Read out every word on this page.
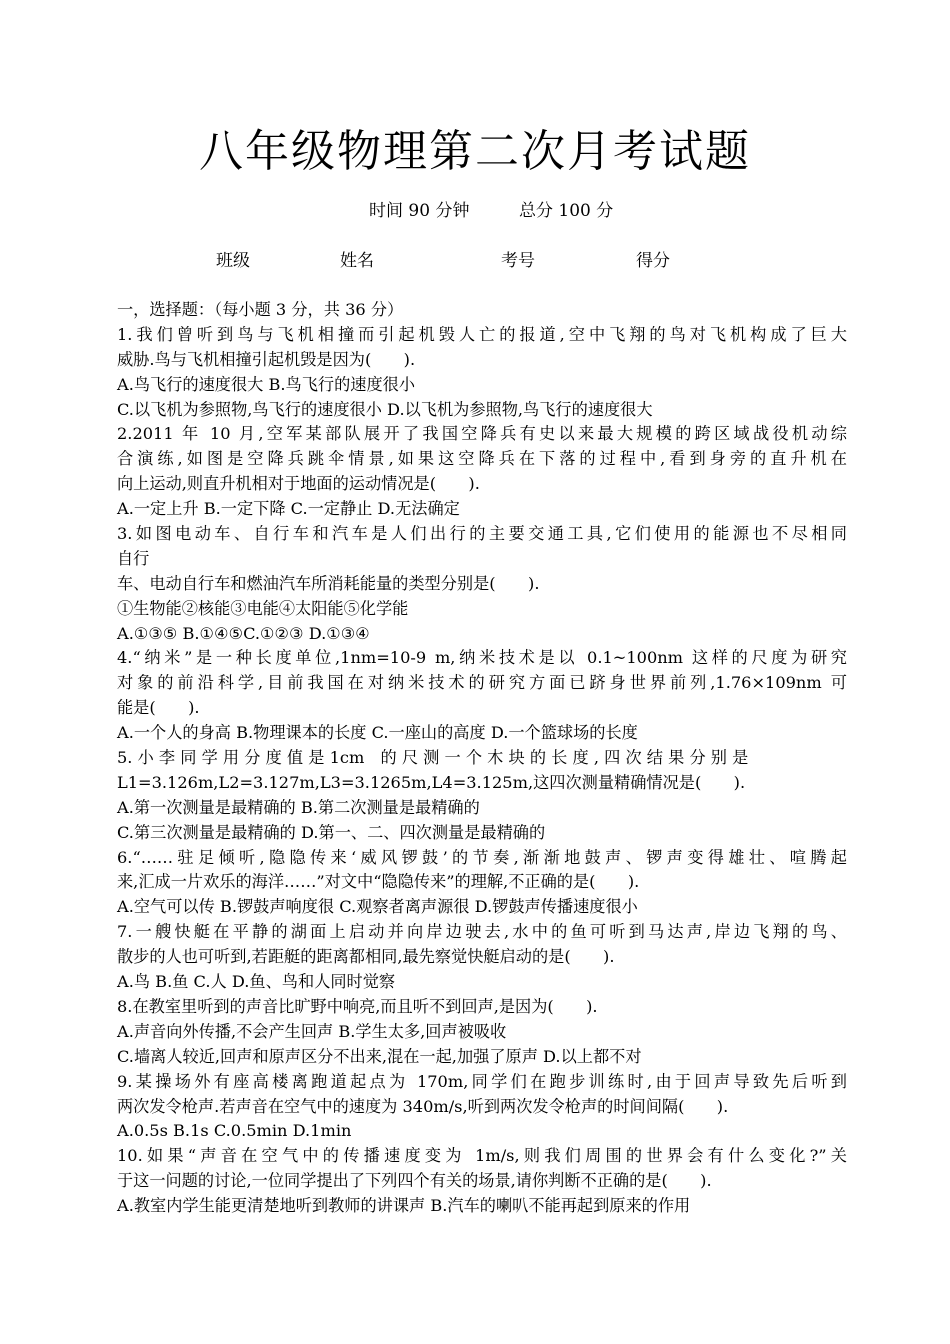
八年级物理第二次月考试题
时间 90 分钟	总分 100 分
班级	姓名	考号	得分
一，选择题：（每小题 3 分，共 36 分）
1.我们曾听到鸟与飞机相撞而引起机毁人亡的报道,空中飞翔的鸟对飞机构成了巨大
威胁.鸟与飞机相撞引起机毁是因为(　　).
A.鸟飞行的速度很大 B.鸟飞行的速度很小
C.以飞机为参照物,鸟飞行的速度很小 D.以飞机为参照物,鸟飞行的速度很大
2.2011 年 10 月,空军某部队展开了我国空降兵有史以来最大规模的跨区域战役机动综
合演练,如图是空降兵跳伞情景,如果这空降兵在下落的过程中,看到身旁的直升机在
向上运动,则直升机相对于地面的运动情况是(　　).
A.一定上升 B.一定下降 C.一定静止 D.无法确定
3.如图电动车、自行车和汽车是人们出行的主要交通工具,它们使用的能源也不尽相同
自行
车、电动自行车和燃油汽车所消耗能量的类型分别是(　　).
①生物能②核能③电能④太阳能⑤化学能
A.①③⑤ B.①④⑤C.①②③ D.①③④
4.“纳米”是一种长度单位,1nm=10-9 m,纳米技术是以 0.1~100nm 这样的尺度为研究
对象的前沿科学,目前我国在对纳米技术的研究方面已跻身世界前列,1.76×109nm 可
能是(　　).
A.一个人的身高 B.物理课本的长度 C.一座山的高度 D.一个篮球场的长度
5. 小 李 同 学 用 分 度 值 是 1cm　的 尺 测 一 个 木 块 的 长 度 , 四 次 结 果 分 别 是
L1=3.126m,L2=3.127m,L3=3.1265m,L4=3.125m,这四次测量精确情况是(　　).
A.第一次测量是最精确的 B.第二次测量是最精确的
C.第三次测量是最精确的 D.第一、二、四次测量是最精确的
6.“……驻足倾听,隐隐传来‘威风锣鼓’的节奏,渐渐地鼓声、锣声变得雄壮、喧腾起
来,汇成一片欢乐的海洋……”对文中“隐隐传来”的理解,不正确的是(　　).
A.空气可以传 B.锣鼓声响度很 C.观察者离声源很 D.锣鼓声传播速度很小
7.一艘快艇在平静的湖面上启动并向岸边驶去,水中的鱼可听到马达声,岸边飞翔的鸟、
散步的人也可听到,若距艇的距离都相同,最先察觉快艇启动的是(　　).
A.鸟 B.鱼 C.人 D.鱼、鸟和人同时觉察
8.在教室里听到的声音比旷野中响亮,而且听不到回声,是因为(　　).
A.声音向外传播,不会产生回声 B.学生太多,回声被吸收
C.墙离人较近,回声和原声区分不出来,混在一起,加强了原声 D.以上都不对
9.某操场外有座高楼离跑道起点为 170m,同学们在跑步训练时,由于回声导致先后听到
两次发令枪声.若声音在空气中的速度为 340m/s,听到两次发令枪声的时间间隔(　　).
A.0.5s B.1s C.0.5min D.1min
10.如果“声音在空气中的传播速度变为 1m/s,则我们周围的世界会有什么变化?”关
于这一问题的讨论,一位同学提出了下列四个有关的场景,请你判断不正确的是(　　).
A.教室内学生能更清楚地听到教师的讲课声 B.汽车的喇叭不能再起到原来的作用
